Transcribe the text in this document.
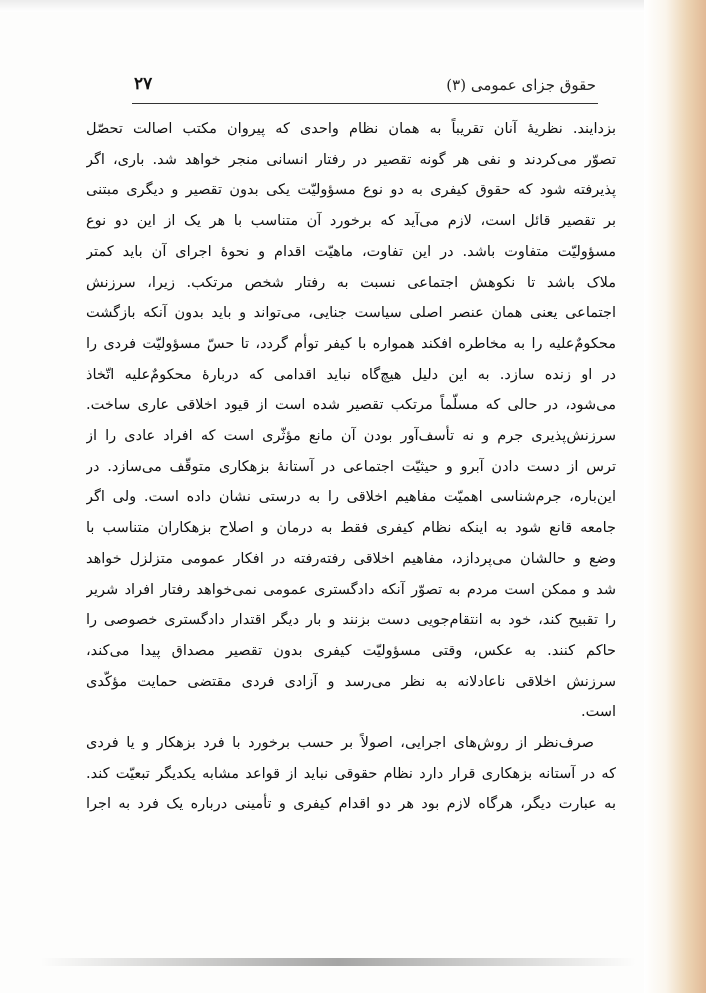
حقوق جزای عمومی (۳)
۲۷
بزدایند. نظریهٔ آنان تقریباً به همان نظام واحدی که پیروان مکتب اصالت تحصّل
تصوّر می‌کردند و نفی هر گونه تقصیر در رفتار انسانی منجر خواهد شد. باری، اگر
پذیرفته شود که حقوق کیفری به دو نوع مسؤولیّت یکی بدون تقصیر و دیگری مبتنی
بر تقصیر قائل است، لازم می‌آید که برخورد آن متناسب با هر یک از این دو نوع
مسؤولیّت متفاوت باشد. در این تفاوت، ماهیّت اقدام و نحوهٔ اجرای آن باید کمتر
ملاک باشد تا نکوهش اجتماعی نسبت به رفتار شخص مرتکب. زیرا، سرزنش
اجتماعی یعنی همان عنصر اصلی سیاست جنایی، می‌تواند و باید بدون آنکه بازگشت
محکومٌ‌علیه را به مخاطره افکند همواره با کیفر توأم گردد، تا حسّ مسؤولیّت فردی را
در او زنده سازد. به این دلیل هیچ‌گاه نباید اقدامی که دربارهٔ محکومٌ‌علیه اتّخاذ
می‌شود، در حالی که مسلّماً مرتکب تقصیر شده است از قیود اخلاقی عاری ساخت.
سرزنش‌پذیری جرم و نه تأسف‌آور بودن آن مانع مؤثّری است که افراد عادی را از
ترس از دست دادن آبرو و حیثیّت اجتماعی در آستانهٔ بزهکاری متوقّف می‌سازد. در
این‌باره، جرم‌شناسی اهمیّت مفاهیم اخلاقی را به درستی نشان داده است. ولی اگر
جامعه قانع شود به اینکه نظام کیفری فقط به درمان و اصلاح بزهکاران متناسب با
وضع و حالشان می‌پردازد، مفاهیم اخلاقی رفته‌رفته در افکار عمومی متزلزل خواهد
شد و ممکن است مردم به تصوّر آنکه دادگستری عمومی نمی‌خواهد رفتار افراد شریر
را تقبیح کند، خود به انتقام‌جویی دست بزنند و بار دیگر اقتدار دادگستری خصوصی را
حاکم کنند. به عکس، وقتی مسؤولیّت کیفری بدون تقصیر مصداق پیدا می‌کند،
سرزنش اخلاقی ناعادلانه به نظر می‌رسد و آزادی فردی مقتضی حمایت مؤکّدی
است.
صرف‌نظر از روش‌های اجرایی، اصولاً بر حسب برخورد با فرد بزهکار و یا فردی
که در آستانه بزهکاری قرار دارد نظام حقوقی نباید از قواعد مشابه یکدیگر تبعیّت کند.
به عبارت دیگر، هرگاه لازم بود هر دو اقدام کیفری و تأمینی درباره یک فرد به اجرا
